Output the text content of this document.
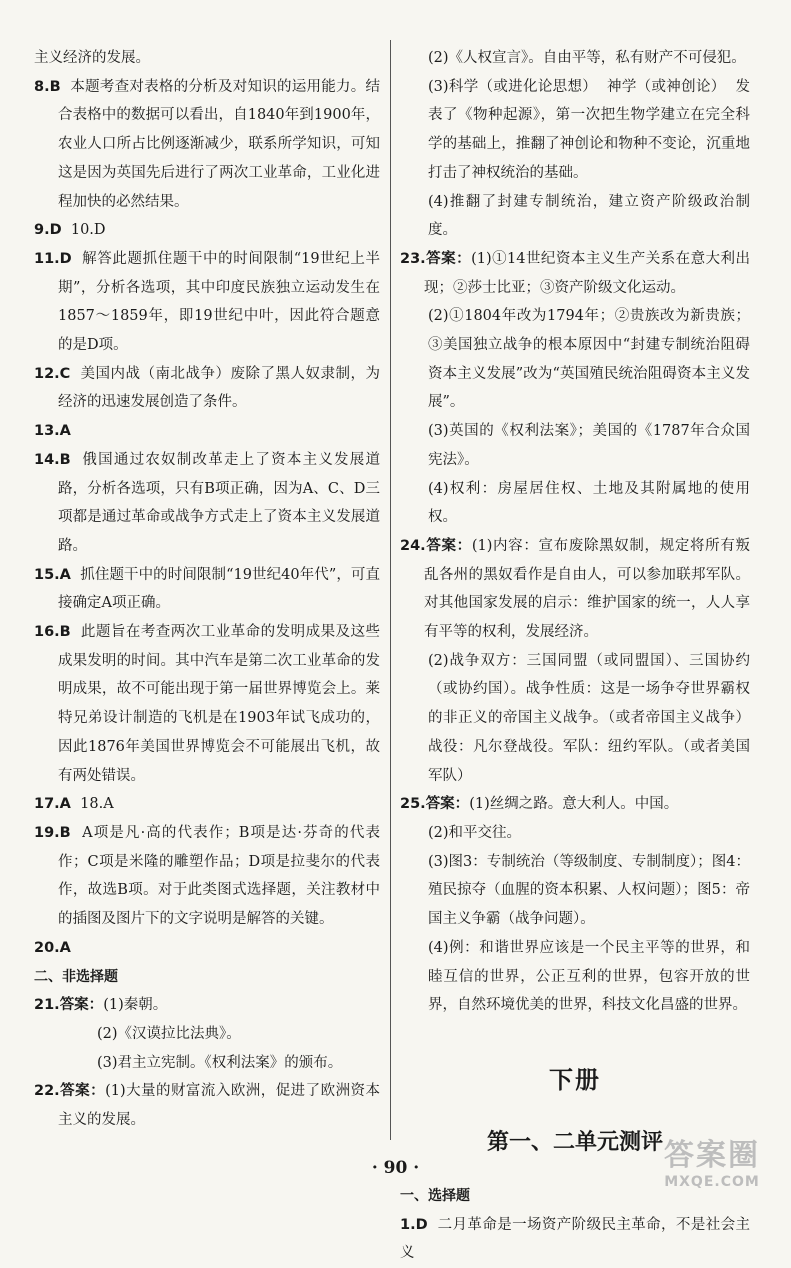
主义经济的发展。

8.B  本题考查对表格的分析及对知识的运用能力。结合表格中的数据可以看出，自1840年到1900年，农业人口所占比例逐渐减少，联系所学知识，可知这是因为英国先后进行了两次工业革命，工业化进程加快的必然结果。

9.D  10.D

11.D  解答此题抓住题干中的时间限制“19世纪上半期”，分析各选项，其中印度民族独立运动发生在1857～1859年，即19世纪中叶，因此符合题意的是D项。

12.C  美国内战（南北战争）废除了黑人奴隶制，为经济的迅速发展创造了条件。

13.A

14.B  俄国通过农奴制改革走上了资本主义发展道路，分析各选项，只有B项正确，因为A、C、D三项都是通过革命或战争方式走上了资本主义发展道路。

15.A  抓住题干中的时间限制“19世纪40年代”，可直接确定A项正确。

16.B  此题旨在考查两次工业革命的发明成果及这些成果发明的时间。其中汽车是第二次工业革命的发明成果，故不可能出现于第一届世界博览会上。莱特兄弟设计制造的飞机是在1903年试飞成功的，因此1876年美国世界博览会不可能展出飞机，故有两处错误。

17.A  18.A

19.B  A项是凡·高的代表作；B项是达·芬奇的代表作；C项是米隆的雕塑作品；D项是拉斐尔的代表作，故选B项。对于此类图式选择题，关注教材中的插图及图片下的文字说明是解答的关键。

20.A

二、非选择题

21.答案：(1)秦朝。

(2)《汉谟拉比法典》。

(3)君主立宪制。《权利法案》的颁布。

22.答案：(1)大量的财富流入欧洲，促进了欧洲资本主义的发展。

(2)《人权宣言》。自由平等，私有财产不可侵犯。

(3)科学（或进化论思想）  神学（或神创论）  发表了《物种起源》，第一次把生物学建立在完全科学的基础上，推翻了神创论和物种不变论，沉重地打击了神权统治的基础。

(4)推翻了封建专制统治，建立资产阶级政治制度。

23.答案：(1)①14世纪资本主义生产关系在意大利出现；②莎士比亚；③资产阶级文化运动。

(2)①1804年改为1794年；②贵族改为新贵族；③美国独立战争的根本原因中“封建专制统治阻碍资本主义发展”改为“英国殖民统治阻碍资本主义发展”。

(3)英国的《权利法案》；美国的《1787年合众国宪法》。

(4)权利：房屋居住权、土地及其附属地的使用权。

24.答案：(1)内容：宣布废除黑奴制，规定将所有叛乱各州的黑奴看作是自由人，可以参加联邦军队。对其他国家发展的启示：维护国家的统一，人人享有平等的权利，发展经济。

(2)战争双方：三国同盟（或同盟国）、三国协约（或协约国）。战争性质：这是一场争夺世界霸权的非正义的帝国主义战争。（或者帝国主义战争）战役：凡尔登战役。军队：纽约军队。（或者美国军队）

25.答案：(1)丝绸之路。意大利人。中国。

(2)和平交往。

(3)图3：专制统治（等级制度、专制制度）；图4：殖民掠夺（血腥的资本积累、人权问题）；图5：帝国主义争霸（战争问题）。

(4)例：和谐世界应该是一个民主平等的世界，和睦互信的世界，公正互利的世界，包容开放的世界，自然环境优美的世界，科技文化昌盛的世界。

下册
第一、二单元测评

一、选择题

1.D  二月革命是一场资产阶级民主革命，不是社会主义

· 90 ·	答案圈
MXQE.COM
